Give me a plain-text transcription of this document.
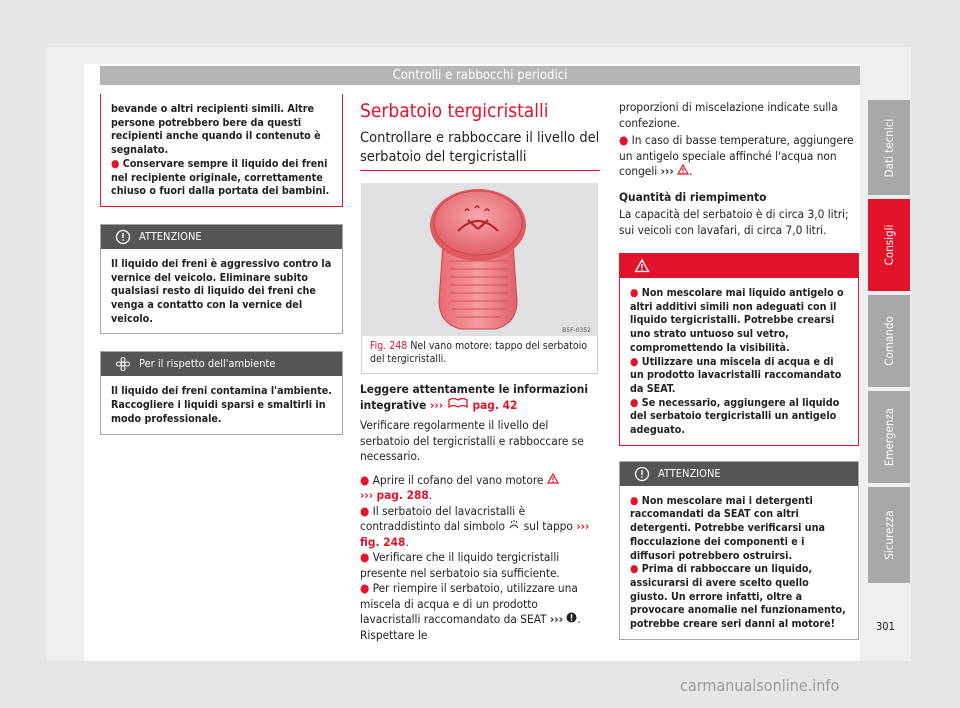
Controlli e rabbocchi periodici
bevande o altri recipienti simili. Altre persone potrebbero bere da questi recipienti anche quando il contenuto è segnalato.
● Conservare sempre il liquido dei freni nel recipiente originale, correttamente chiuso o fuori dalla portata dei bambini.
ATTENZIONE
Il liquido dei freni è aggressivo contro la vernice del veicolo. Eliminare subito qualsiasi resto di liquido dei freni che venga a contatto con la vernice del veicolo.
Per il rispetto dell'ambiente
Il liquido dei freni contamina l'ambiente. Raccogliere i liquidi sparsi e smaltirli in modo professionale.
Serbatoio tergicristalli
Controllare e rabboccare il livello del serbatoio del tergicristalli
B5F-0352
Fig. 248 Nel vano motore: tappo del serbatoio del tergicristalli.
Leggere attentamente le informazioni integrative ››› pag. 42
Verificare regolarmente il livello del serbatoio del tergicristalli e rabboccare se necessario.
● Aprire il cofano del vano motore
››› pag. 288.
● Il serbatoio del lavacristalli è contraddistinto dal simbolo sul tappo ››› fig. 248.
● Verificare che il liquido tergicristalli presente nel serbatoio sia sufficiente.
● Per riempire il serbatoio, utilizzare una miscela di acqua e di un prodotto lavacristalli raccomandato da SEAT ››› . Rispettare le
proporzioni di miscelazione indicate sulla confezione.
● In caso di basse temperature, aggiungere un antigelo speciale affinché l'acqua non congeli ››› .
Quantità di riempimento
La capacità del serbatoio è di circa 3,0 litri; sui veicoli con lavafari, di circa 7,0 litri.
ATTENZIONE
● Non mescolare mai liquido antigelo o altri additivi simili non adeguati con il liquido tergicristalli. Potrebbe crearsi uno strato untuoso sul vetro, compromettendo la visibilità.
● Utilizzare una miscela di acqua e di un prodotto lavacristalli raccomandato da SEAT.
● Se necessario, aggiungere al liquido del serbatoio tergicristalli un antigelo adeguato.
ATTENZIONE
● Non mescolare mai i detergenti raccomandati da SEAT con altri detergenti. Potrebbe verificarsi una flocculazione dei componenti e i diffusori potrebbero ostruirsi.
● Prima di rabboccare un liquido, assicurarsi di avere scelto quello giusto. Un errore infatti, oltre a provocare anomalie nel funzionamento, potrebbe creare seri danni al motore!
Dati tecnici
Consigli
Comando
Emergenza
Sicurezza
301
carmanualsonline.info
